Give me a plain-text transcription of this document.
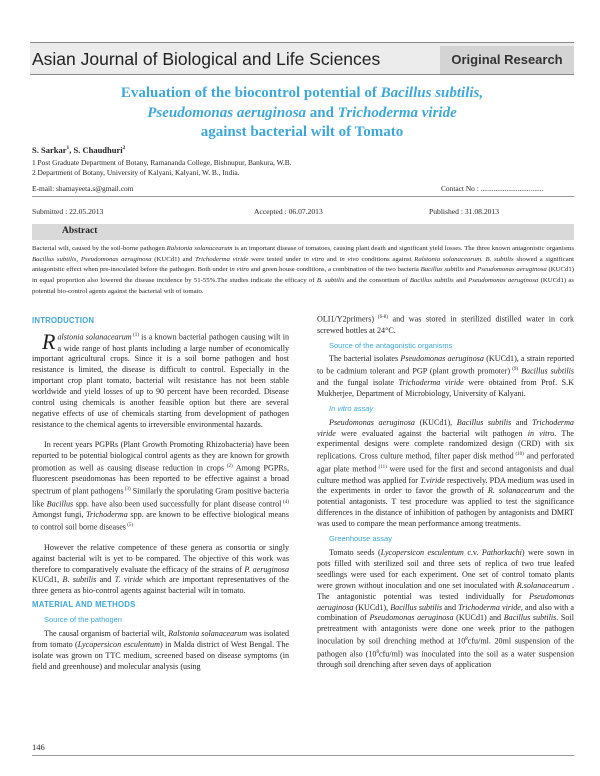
Asian Journal of Biological and Life Sciences	Original Research
Evaluation of the biocontrol potential of Bacillus subtilis,
Pseudomonas aeruginosa and Trichoderma viride
against bacterial wilt of Tomato
S. Sarkar$^1$, S. Chaudhuri$^2$
1 Post Graduate Department of Botany, Ramananda College, Bishnupur, Bankura, W.B.
2 Department of Botany, University of Kalyani, Kalyani, W. B., India.
E-mail: shamayeeta.s@gmail.com	Contact No : ..................................
Submitted : 22.05.2013	Accepted : 06.07.2013	Published : 31.08.2013
Abstract
Bacterial wilt, caused by the soil-borne pathogen Ralstonia solanacearum is an important disease of tomatoes, causing plant death and significant yield losses. The three known antagonistic organisms Bacillus subtilis, Pseudomonas aeruginosa (KUCd1) and Trichoderma viride were tested under in vitro and in vivo conditions against Ralstonia solanacearum. B. subtilis showed a significant antagonistic effect when pre-inoculated before the pathogen. Both under in vitro and green house conditions, a combination of the two bacteria Bacillus subtilis and Pseudomonas aeruginosa (KUCd1) in equal proportion also lowered the disease incidence by 51-55%.The studies indicate the efficacy of B. subtilis and the consortium of Bacillus subtilis and Pseudomonas aeruginosa (KUCd1) as potential bio-control agents against the bacterial wilt of tomato.
INTRODUCTION

Ralstonia solanacearum $^{(1)}$ is a known bacterial pathogen causing wilt in a wide range of host plants including a large number of economically important agricultural crops. Since it is a soil borne pathogen and host resistance is limited, the disease is difficult to control. Especially in the important crop plant tomato, bacterial wilt resistance has not been stable worldwide and yield losses of up to 90 percent have been recorded. Disease control using chemicals is another feasible option but there are several negative effects of use of chemicals starting from development of pathogen resistance to the chemical agents to irreversible environmental hazards.

In recent years PGPRs (Plant Growth Promoting Rhizobacteria) have been reported to be potential biological control agents as they are known for growth promotion as well as causing disease reduction in crops $^{(2)}$ Among PGPRs, fluorescent pseudomonas has been reported to be effective against a broad spectrum of plant pathogens $^{(3)}$ Similarly the sporulating Gram positive bacteria like Bacillus spp. have also been used successfully for plant disease control $^{(4)}$ Amongst fungi, Trichoderma spp. are known to be effective biological means to control soil borne diseases $^{(5)}$

However the relative competence of these genera as consortia or singly against bacterial wilt is yet to be compared. The objective of this work was therefore to comparatively evaluate the efficacy of the strains of P. aeruginosa KUCd1, B. subtilis and T. viride which are important representatives of the three genera as bio-control agents against bacterial wilt in tomato.

MATERIAL AND METHODS
Source of the pathogen

The causal organism of bacterial wilt, Ralstonia solanacearum was isolated from tomato (Lycopersicon esculentum) in Malda district of West Bengal. The isolate was grown on TTC medium, screened based on disease symptoms (in field and greenhouse) and molecular analysis (using

OLI1/Y2primers) $^{(6-8)}$ and was stored in sterilized distilled water in cork screwed bottles at 24°C.

Source of the antagonistic organisms

The bacterial isolates Pseudomonas aeruginosa (KUCd1), a strain reported to be cadmium tolerant and PGP (plant growth promoter) $^{(9)}$ Bacillus subtilis and the fungal isolate Trichoderma viride were obtained from Prof. S.K Mukherjee, Department of Microbiology, University of Kalyani.

In vitro assay

Pseudomonas aeruginosa (KUCd1), Bacillus subtilis and Trichoderma viride were evaluated against the bacterial wilt pathogen in vitro. The experimental designs were complete randomized design (CRD) with six replications. Cross culture method, filter paper disk method $^{(10)}$ and perforated agar plate method $^{(11)}$ were used for the first and second antagonists and dual culture method was applied for T.viride respectively. PDA medium was used in the experiments in order to favor the growth of R. solanacearum and the potential antagonists. T test procedure was applied to test the significance differences in the distance of inhibition of pathogen by antagonists and DMRT was used to compare the mean performance among treatments.

Greenhouse assay

Tomato seeds (Lycopersicon esculentum c.v. Pathorkuchi) were sown in pots filled with sterilized soil and three sets of replica of two true leafed seedlings were used for each experiment. One set of control tomato plants were grown without inoculation and one set inoculated with R.solanacearum . The antagonistic potential was tested individually for Pseudomonas aeruginosa (KUCd1), Bacillus subtilis and Trichoderma viride, and also with a combination of Pseudomonas aeruginosa (KUCd1) and Bacillus subtilis. Soil pretreatment with antagonists were done one week prior to the pathogen inoculation by soil drenching method at $10^8cfu/ml$. 20ml suspension of the pathogen also $(10^8cfu/ml)$ was inoculated into the soil as a water suspension through soil drenching after seven days of application

146
